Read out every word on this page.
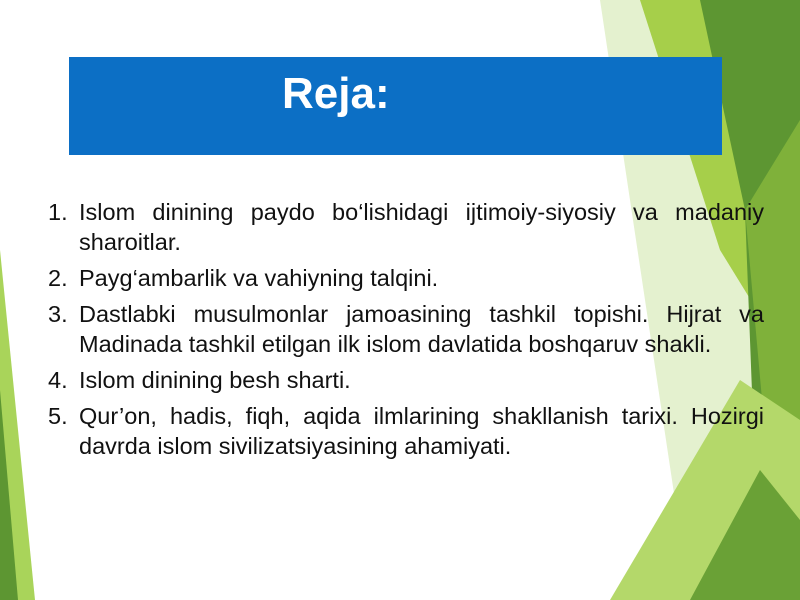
Reja:
1. Islom dinining paydo bo‘lishidagi ijtimoiy-siyosiy va madaniy sharoitlar.
2. Payg‘ambarlik va vahiyning talqini.
3. Dastlabki musulmonlar jamoasining tashkil topishi. Hijrat va Madinada tashkil etilgan ilk islom davlatida boshqaruv shakli.
4. Islom dinining besh sharti.
5. Qur’on, hadis, fiqh, aqida ilmlarining shakllanish tarixi. Hozirgi davrda islom sivilizatsiyasining ahamiyati.
